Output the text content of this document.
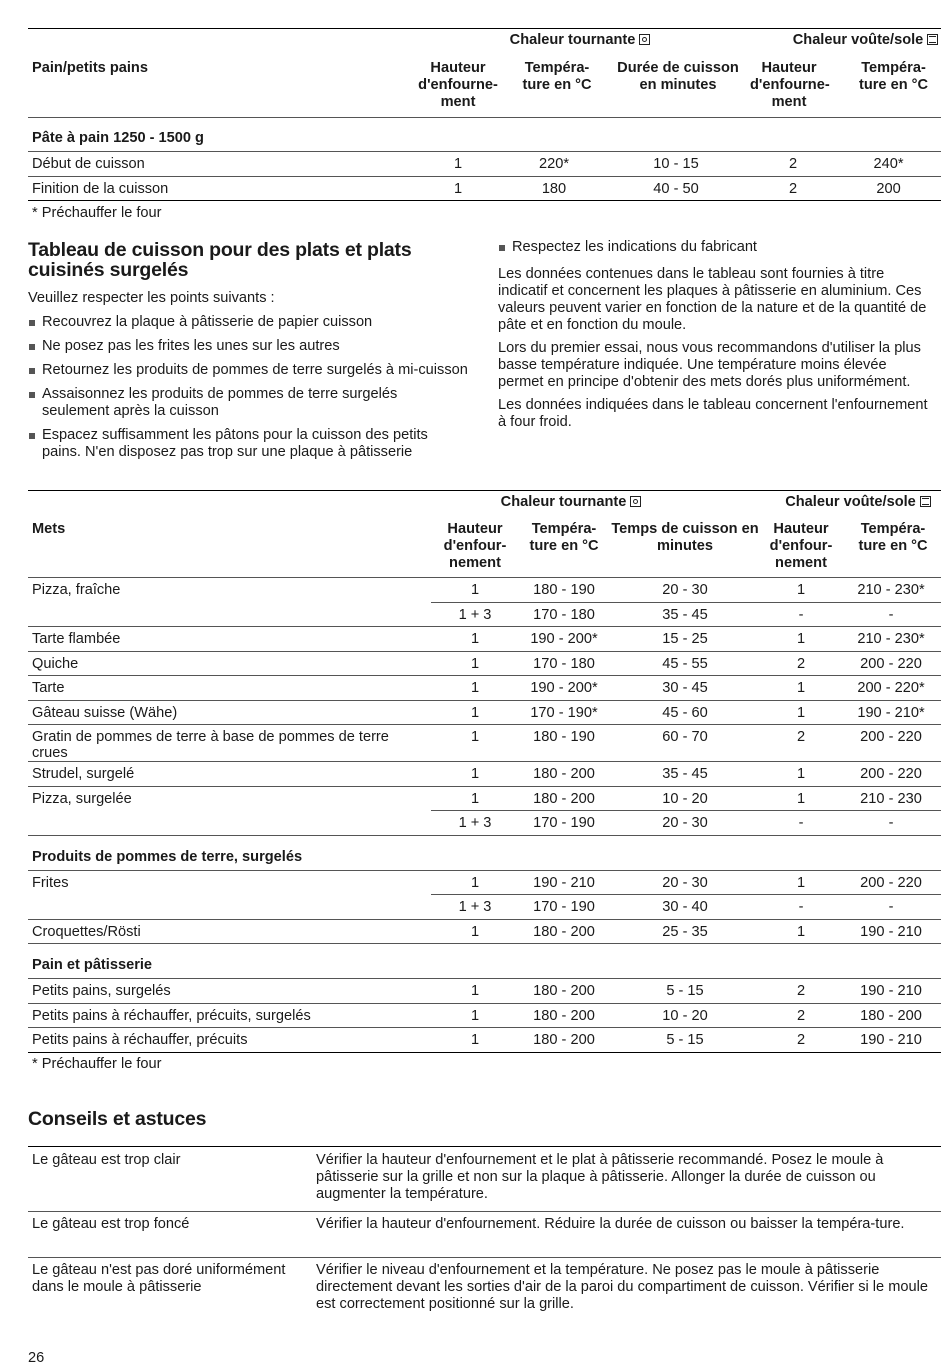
	Chaleur tournante			Chaleur voûte/sole	
Pain/petits pains	Hauteur d'enfourne-ment	Tempéra-ture en °C	Durée de cuisson en minutes	Hauteur d'enfourne-ment	Tempéra-ture en °C
Pâte à pain 1250 - 1500 g					
Début de cuisson	1	220*	10 - 15	2	240*
Finition de la cuisson	1	180	40 - 50	2	200
* Préchauffer le four					
Tableau de cuisson pour des plats et plats cuisinés surgelés

Veuillez respecter les points suivants :

Recouvrez la plaque à pâtisserie de papier cuisson
Ne posez pas les frites les unes sur les autres
Retournez les produits de pommes de terre surgelés à mi-cuisson
Assaisonnez les produits de pommes de terre surgelés seulement après la cuisson
Espacez suffisamment les pâtons pour la cuisson des petits pains. N'en disposez pas trop sur une plaque à pâtisserie
Respectez les indications du fabricant

Les données contenues dans le tableau sont fournies à titre indicatif et concernent les plaques à pâtisserie en aluminium. Ces valeurs peuvent varier en fonction de la nature et de la quantité de pâte et en fonction du moule.

Lors du premier essai, nous vous recommandons d'utiliser la plus basse température indiquée. Une température moins élevée permet en principe d'obtenir des mets dorés plus uniformément.

Les données indiquées dans le tableau concernent l'enfournement à four froid.

	Chaleur tournante			Chaleur voûte/sole	
Mets	Hauteur d'enfour-nement	Tempéra-ture en °C	Temps de cuisson en minutes	Hauteur d'enfour-nement	Tempéra-ture en °C
Pizza, fraîche	1	180 - 190	20 - 30	1	210 - 230*
	1 + 3	170 - 180	35 - 45	-	-
Tarte flambée	1	190 - 200*	15 - 25	1	210 - 230*
Quiche	1	170 - 180	45 - 55	2	200 - 220
Tarte	1	190 - 200*	30 - 45	1	200 - 220*
Gâteau suisse (Wähe)	1	170 - 190*	45 - 60	1	190 - 210*
Gratin de pommes de terre à base de pommes de terre crues	1	180 - 190	60 - 70	2	200 - 220
Strudel, surgelé	1	180 - 200	35 - 45	1	200 - 220
Pizza, surgelée	1	180 - 200	10 - 20	1	210 - 230
	1 + 3	170 - 190	20 - 30	-	-
Produits de pommes de terre, surgelés					
Frites	1	190 - 210	20 - 30	1	200 - 220
	1 + 3	170 - 190	30 - 40	-	-
Croquettes/Rösti	1	180 - 200	25 - 35	1	190 - 210
Pain et pâtisserie					
Petits pains, surgelés	1	180 - 200	5 - 15	2	190 - 210
Petits pains à réchauffer, précuits, surgelés	1	180 - 200	10 - 20	2	180 - 200
Petits pains à réchauffer, précuits	1	180 - 200	5 - 15	2	190 - 210
* Préchauffer le four					
Conseils et astuces
Le gâteau est trop clair	Vérifier la hauteur d'enfournement et le plat à pâtisserie recommandé. Posez le moule à pâtisserie sur la grille et non sur la plaque à pâtisserie. Allonger la durée de cuisson ou augmenter la température.
Le gâteau est trop foncé	Vérifier la hauteur d'enfournement. Réduire la durée de cuisson ou baisser la tempéra-ture.
Le gâteau n'est pas doré uniformément dans le moule à pâtisserie	Vérifier le niveau d'enfournement et la température. Ne posez pas le moule à pâtisserie directement devant les sorties d'air de la paroi du compartiment de cuisson. Vérifier si le moule est correctement positionné sur la grille.
26
